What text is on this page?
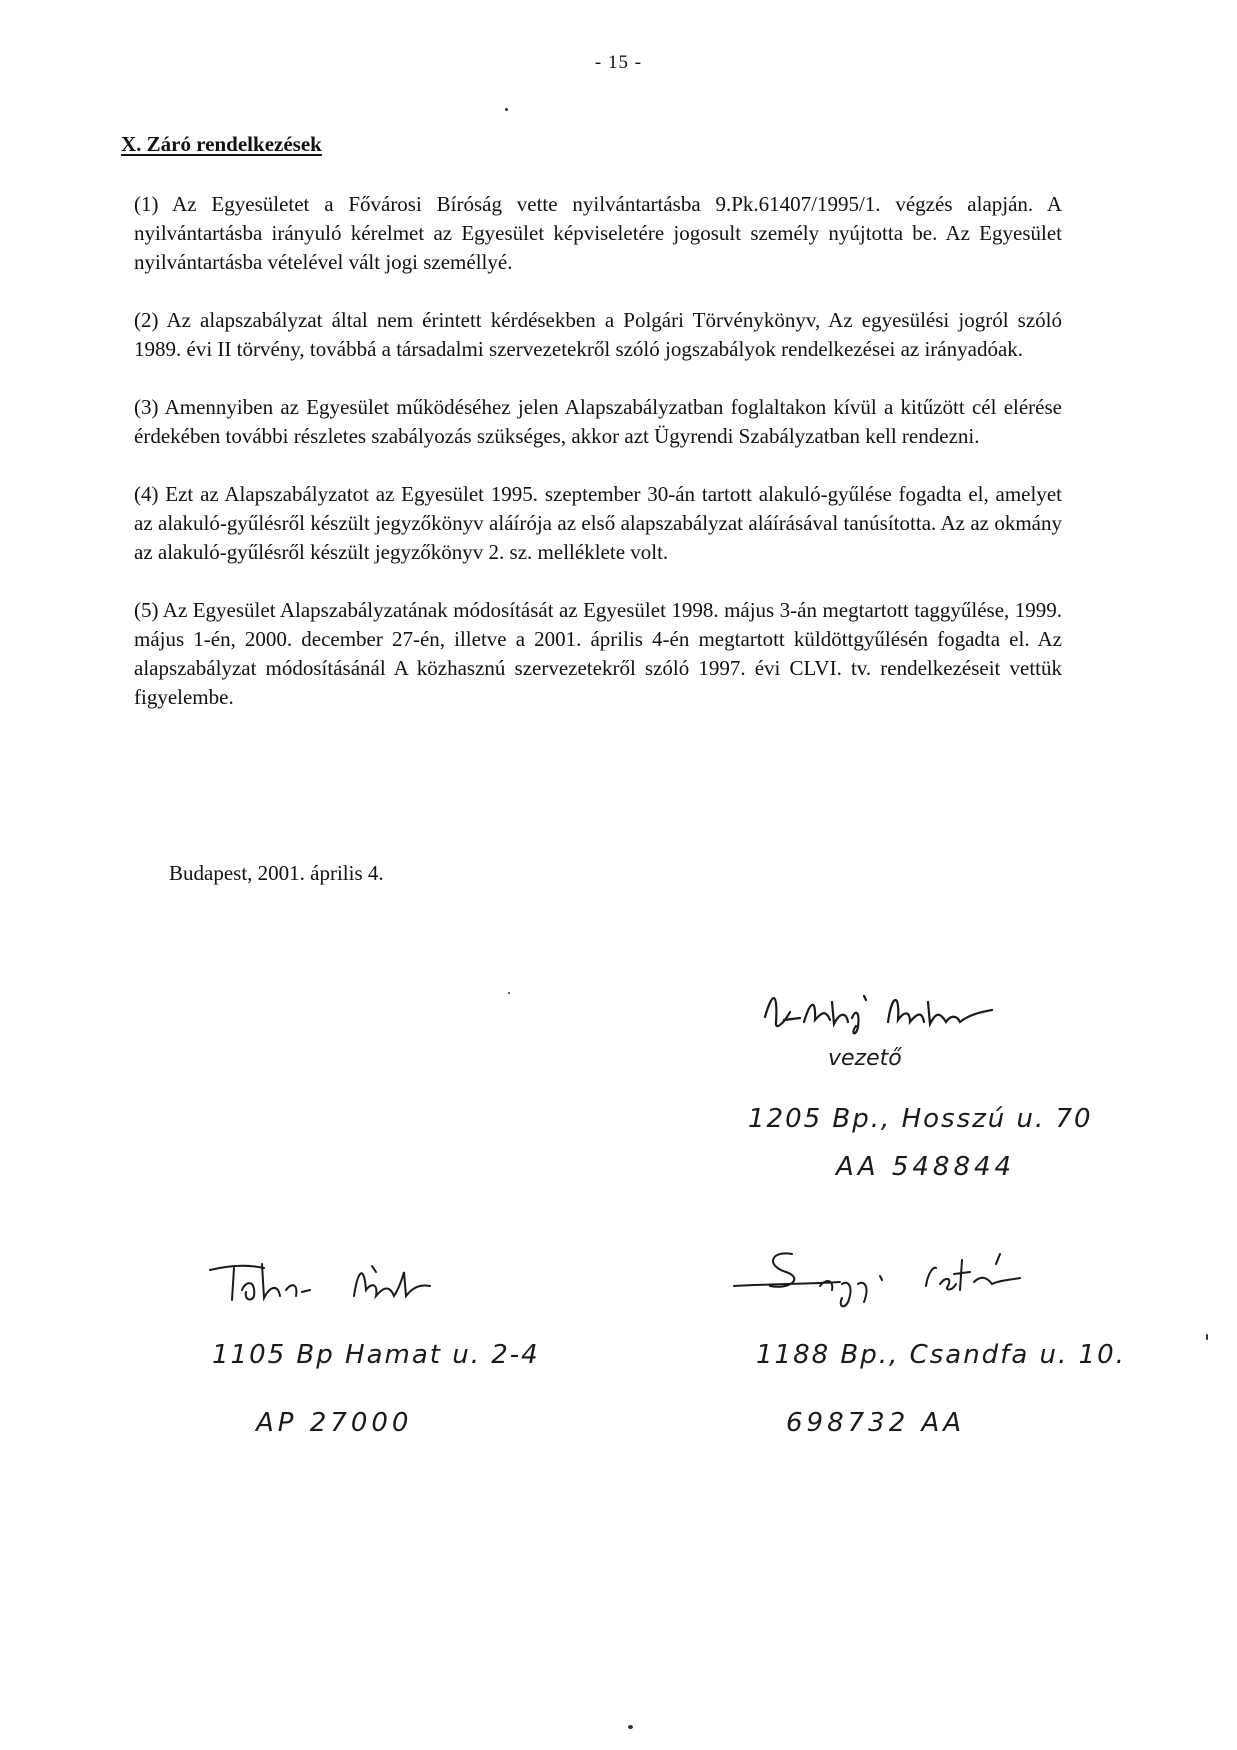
- 15 -
X. Záró rendelkezések

(1) Az Egyesületet a Fővárosi Bíróság vette nyilvántartásba 9.Pk.61407/1995/1. végzés alapján. A nyilvántartásba irányuló kérelmet az Egyesület képviseletére jogosult személy nyújtotta be. Az Egyesület nyilvántartásba vételével vált jogi személlyé.

(2) Az alapszabályzat által nem érintett kérdésekben a Polgári Törvénykönyv, Az egyesülési jogról szóló 1989. évi II törvény, továbbá a társadalmi szervezetekről szóló jogszabályok rendelkezései az irányadóak.

(3) Amennyiben az Egyesület működéséhez jelen Alapszabályzatban foglaltakon kívül a kitűzött cél elérése érdekében további részletes szabályozás szükséges, akkor azt Ügyrendi Szabályzatban kell rendezni.

(4) Ezt az Alapszabályzatot az Egyesület 1995. szeptember 30-án tartott alakuló-gyűlése fogadta el, amelyet az alakuló-gyűlésről készült jegyzőkönyv aláírója az első alapszabályzat aláírásával tanúsította. Az az okmány az alakuló-gyűlésről készült jegyzőkönyv 2. sz. melléklete volt.

(5) Az Egyesület Alapszabályzatának módosítását az Egyesület 1998. május 3-án megtartott taggyűlése, 1999. május 1-én, 2000. december 27-én, illetve a 2001. április 4-én megtartott küldöttgyűlésén fogadta el. Az alapszabályzat módosításánál A közhasznú szervezetekről szóló 1997. évi CLVI. tv. rendelkezéseit vettük figyelembe.

Budapest, 2001. április 4.
vezető
1205 Bp., Hosszú u. 70
AA 548844
1105 Bp Hamat u. 2-4
AP 27000
1188 Bp., Csandfa u. 10.
698732 AA
